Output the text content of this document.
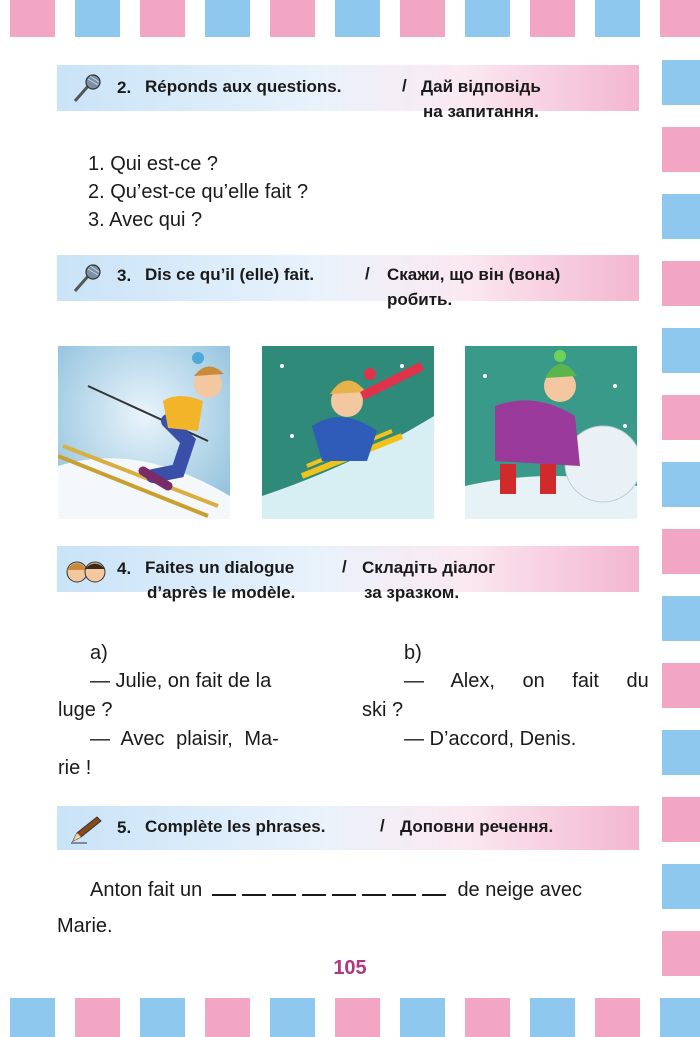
2. Réponds aux questions.	/ Дай відповідь
на запитання.
1. Qui est-ce ?
2. Qu’est-ce qu’elle fait ?
3. Avec qui ?
3. Dis ce qu’il (elle) fait.	/ Скажи, що він (вона)
робить.
4. Faites un dialogue
d’après le modèle.
/ Складіть діалог
за зразком.
a)
— Julie, on fait de la
luge ?
— Avec plaisir, Ma-
rie !
b)
— Alex, on fait du
ski ?
— D’accord, Denis.
5. Complète les phrases.	/ Доповни речення.
Anton fait un	de neige avec
Marie.
105
